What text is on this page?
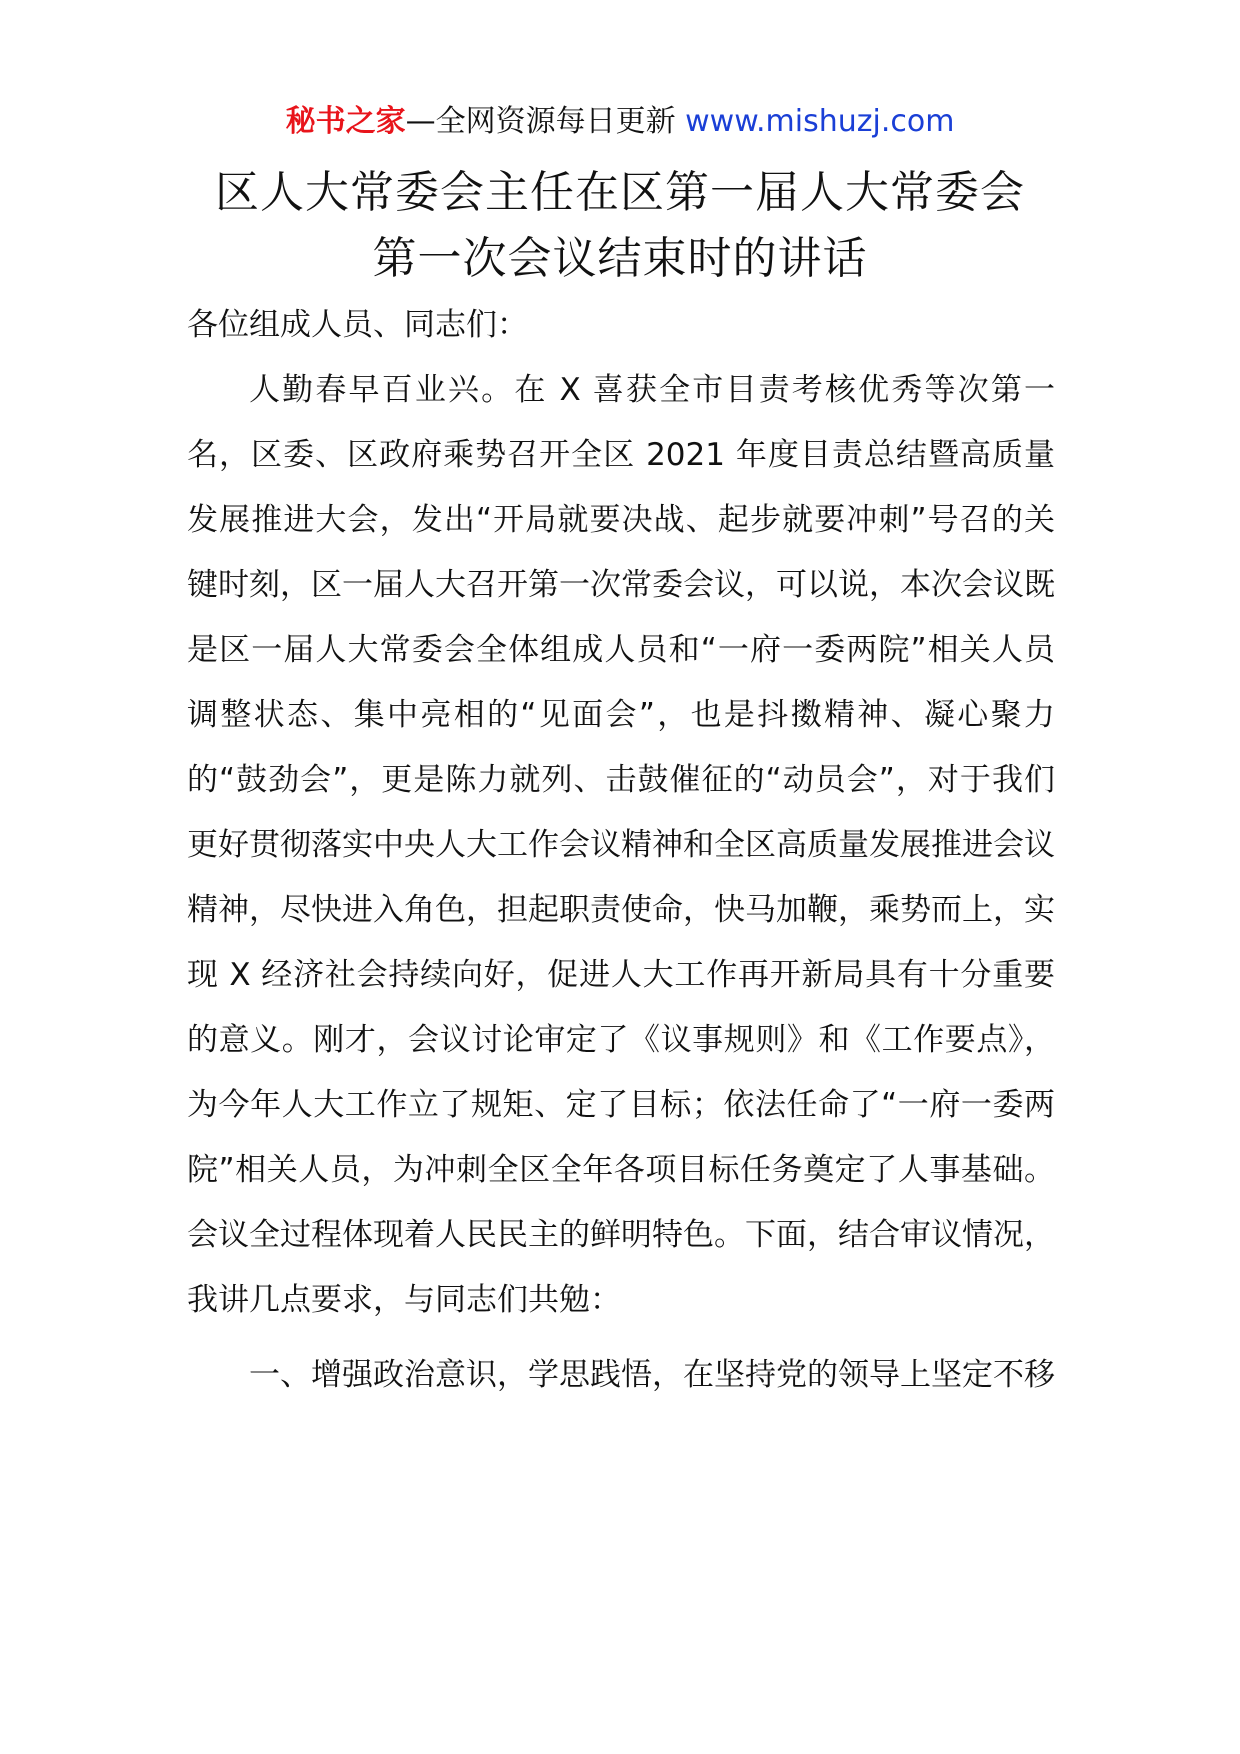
秘书之家—全网资源每日更新 www.mishuzj.com
区人大常委会主任在区第一届人大常委会
第一次会议结束时的讲话

各位组成人员、同志们：

人勤春早百业兴。在 X 喜获全市目责考核优秀等次第一名，区委、区政府乘势召开全区 2021 年度目责总结暨高质量发展推进大会，发出“开局就要决战、起步就要冲刺”号召的关键时刻，区一届人大召开第一次常委会议，可以说，本次会议既是区一届人大常委会全体组成人员和“一府一委两院”相关人员调整状态、集中亮相的“见面会”，也是抖擞精神、凝心聚力的“鼓劲会”，更是陈力就列、击鼓催征的“动员会”，对于我们更好贯彻落实中央人大工作会议精神和全区高质量发展推进会议精神，尽快进入角色，担起职责使命，快马加鞭，乘势而上，实现 X 经济社会持续向好，促进人大工作再开新局具有十分重要的意义。刚才，会议讨论审定了《议事规则》和《工作要点》，为今年人大工作立了规矩、定了目标；依法任命了“一府一委两院”相关人员，为冲刺全区全年各项目标任务奠定了人事基础。会议全过程体现着人民民主的鲜明特色。下面，结合审议情况，我讲几点要求，与同志们共勉：

一、增强政治意识，学思践悟，在坚持党的领导上坚定不移
